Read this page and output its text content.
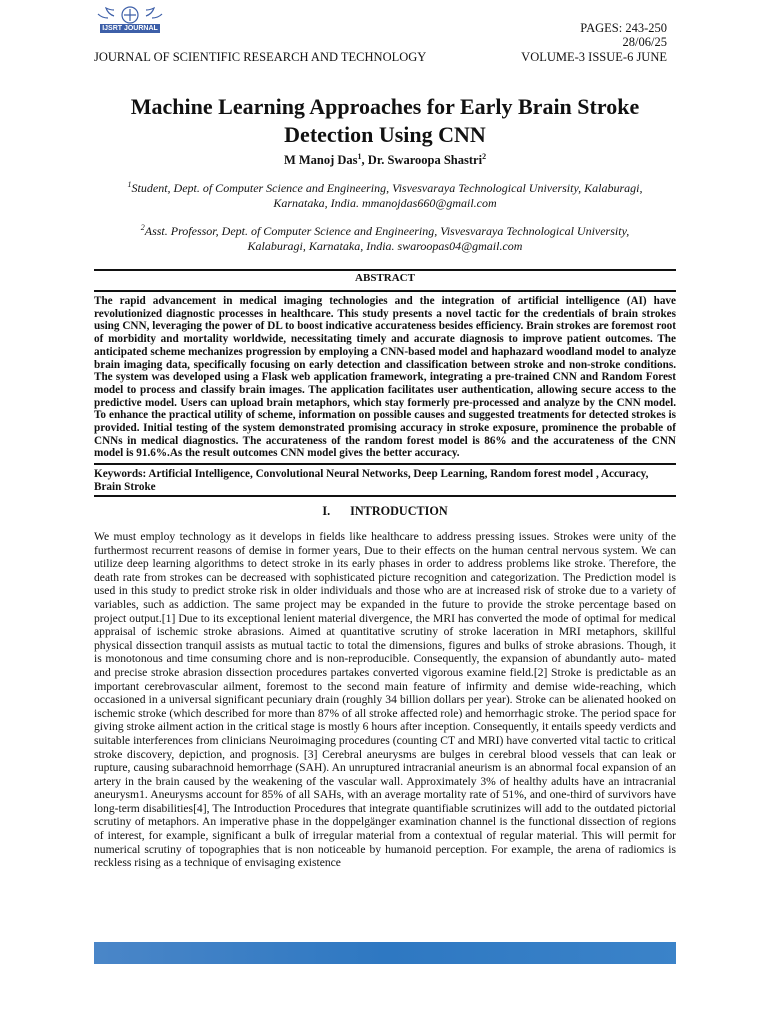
IJSRT JOURNAL	PAGES: 243-250
28/06/25
JOURNAL OF SCIENTIFIC RESEARCH AND TECHNOLOGY	VOLUME-3 ISSUE-6 JUNE
Machine Learning Approaches for Early Brain Stroke
Detection Using CNN
M Manoj Das$^1$, Dr. Swaroopa Shastri$^2$
$^1$Student, Dept. of Computer Science and Engineering, Visvesvaraya Technological University, Kalaburagi,
Karnataka, India. mmanojdas660@gmail.com
$^2$Asst. Professor, Dept. of Computer Science and Engineering, Visvesvaraya Technological University,
Kalaburagi, Karnataka, India. swaroopas04@gmail.com
ABSTRACT

The rapid advancement in medical imaging technologies and the integration of artificial intelligence (AI) have revolutionized diagnostic processes in healthcare. This study presents a novel tactic for the credentials of brain strokes using CNN, leveraging the power of DL to boost indicative accurateness besides efficiency. Brain strokes are foremost root of morbidity and mortality worldwide, necessitating timely and accurate diagnosis to improve patient outcomes. The anticipated scheme mechanizes progression by employing a CNN-based model and haphazard woodland model to analyze brain imaging data, specifically focusing on early detection and classification between stroke and non-stroke conditions. The system was developed using a Flask web application framework, integrating a pre-trained CNN and Random Forest model to process and classify brain images. The application facilitates user authentication, allowing secure access to the predictive model. Users can upload brain metaphors, which stay formerly pre-processed and analyze by the CNN model. To enhance the practical utility of scheme, information on possible causes and suggested treatments for detected strokes is provided. Initial testing of the system demonstrated promising accuracy in stroke exposure, prominence the probable of CNNs in medical diagnostics. The accurateness of the random forest model is 86% and the accurateness of the CNN model is 91.6%.As the result outcomes CNN model gives the better accuracy.

Keywords: Artificial Intelligence, Convolutional Neural Networks, Deep Learning, Random forest model , Accuracy, Brain Stroke

I. INTRODUCTION

We must employ technology as it develops in fields like healthcare to address pressing issues. Strokes were unity of the furthermost recurrent reasons of demise in former years, Due to their effects on the human central nervous system. We can utilize deep learning algorithms to detect stroke in its early phases in order to address problems like stroke. Therefore, the death rate from strokes can be decreased with sophisticated picture recognition and categorization. The Prediction model is used in this study to predict stroke risk in older individuals and those who are at increased risk of stroke due to a variety of variables, such as addiction. The same project may be expanded in the future to provide the stroke percentage based on project output.[1] Due to its exceptional lenient material divergence, the MRI has converted the mode of optimal for medical appraisal of ischemic stroke abrasions. Aimed at quantitative scrutiny of stroke laceration in MRI metaphors, skillful physical dissection tranquil assists as mutual tactic to total the dimensions, figures and bulks of stroke abrasions. Though, it is monotonous and time consuming chore and is non-reproducible. Consequently, the expansion of abundantly auto- mated and precise stroke abrasion dissection procedures partakes converted vigorous examine field.[2] Stroke is predictable as an important cerebrovascular ailment, foremost to the second main feature of infirmity and demise wide-reaching, which occasioned in a universal significant pecuniary drain (roughly 34 billion dollars per year). Stroke can be alienated hooked on ischemic stroke (which described for more than 87% of all stroke affected role) and hemorrhagic stroke. The period space for giving stroke ailment action in the critical stage is mostly 6 hours after inception. Consequently, it entails speedy verdicts and suitable interferences from clinicians Neuroimaging procedures (counting CT and MRI) have converted vital tactic to critical stroke discovery, depiction, and prognosis. [3] Cerebral aneurysms are bulges in cerebral blood vessels that can leak or rupture, causing subarachnoid hemorrhage (SAH). An unruptured intracranial aneurism is an abnormal focal expansion of an artery in the brain caused by the weakening of the vascular wall. Approximately 3% of healthy adults have an intracranial aneurysm1. Aneurysms account for 85% of all SAHs, with an average mortality rate of 51%, and one-third of survivors have long-term disabilities[4], The Introduction Procedures that integrate quantifiable scrutinizes will add to the outdated pictorial scrutiny of metaphors. An imperative phase in the doppelgänger examination channel is the functional dissection of regions of interest, for example, significant a bulk of irregular material from a contextual of regular material. This will permit for numerical scrutiny of topographies that is non noticeable by humanoid perception. For example, the arena of radiomics is reckless rising as a technique of envisaging existence
